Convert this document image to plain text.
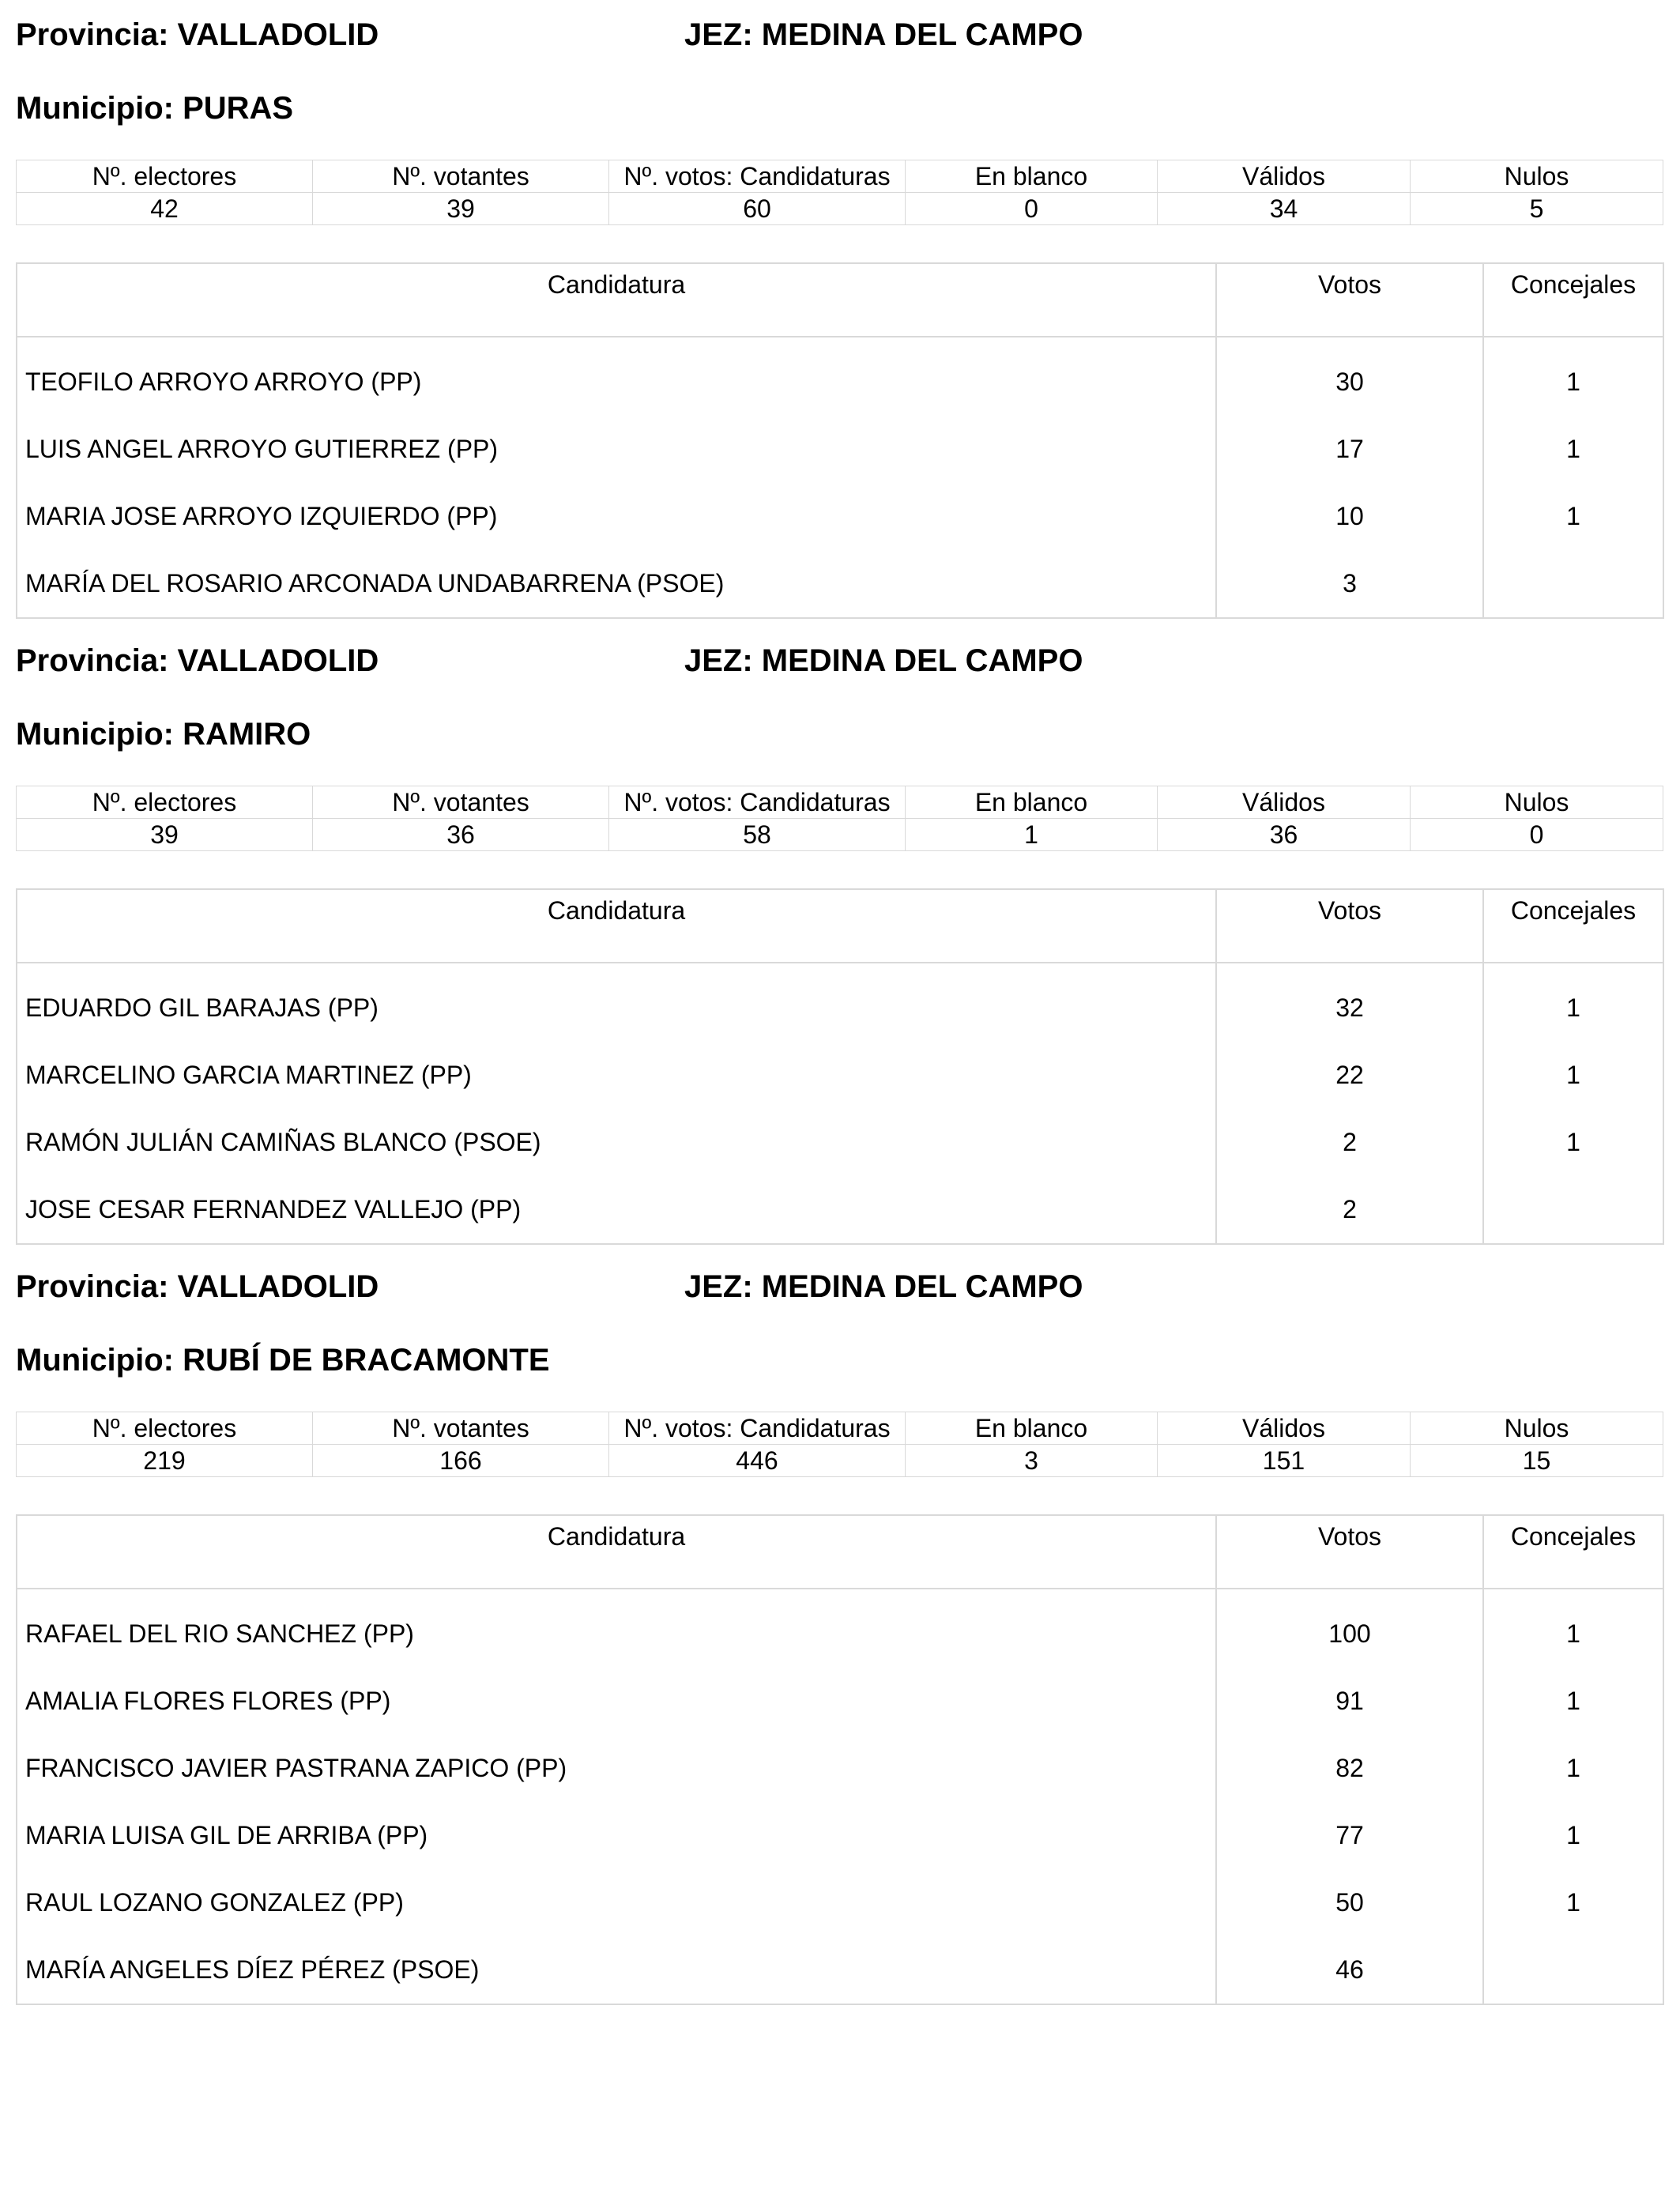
Provincia: VALLADOLID	JEZ: MEDINA DEL CAMPO
Municipio: PURAS
Nº. electores	Nº. votantes	Nº. votos: Candidaturas	En blanco	Válidos	Nulos
42	39	60	0	34	5
Candidatura	Votos	Concejales
TEOFILO ARROYO ARROYO (PP)	30	1
LUIS ANGEL ARROYO GUTIERREZ (PP)	17	1
MARIA JOSE ARROYO IZQUIERDO (PP)	10	1
MARÍA DEL ROSARIO ARCONADA UNDABARRENA (PSOE)	3	
Provincia: VALLADOLID	JEZ: MEDINA DEL CAMPO
Municipio: RAMIRO
Nº. electores	Nº. votantes	Nº. votos: Candidaturas	En blanco	Válidos	Nulos
39	36	58	1	36	0
Candidatura	Votos	Concejales
EDUARDO GIL BARAJAS (PP)	32	1
MARCELINO GARCIA MARTINEZ (PP)	22	1
RAMÓN JULIÁN CAMIÑAS BLANCO (PSOE)	2	1
JOSE CESAR FERNANDEZ VALLEJO (PP)	2	
Provincia: VALLADOLID	JEZ: MEDINA DEL CAMPO
Municipio: RUBÍ DE BRACAMONTE
Nº. electores	Nº. votantes	Nº. votos: Candidaturas	En blanco	Válidos	Nulos
219	166	446	3	151	15
Candidatura	Votos	Concejales
RAFAEL DEL RIO SANCHEZ (PP)	100	1
AMALIA FLORES FLORES (PP)	91	1
FRANCISCO JAVIER PASTRANA ZAPICO (PP)	82	1
MARIA LUISA GIL DE ARRIBA (PP)	77	1
RAUL LOZANO GONZALEZ (PP)	50	1
MARÍA ANGELES DÍEZ PÉREZ (PSOE)	46	
